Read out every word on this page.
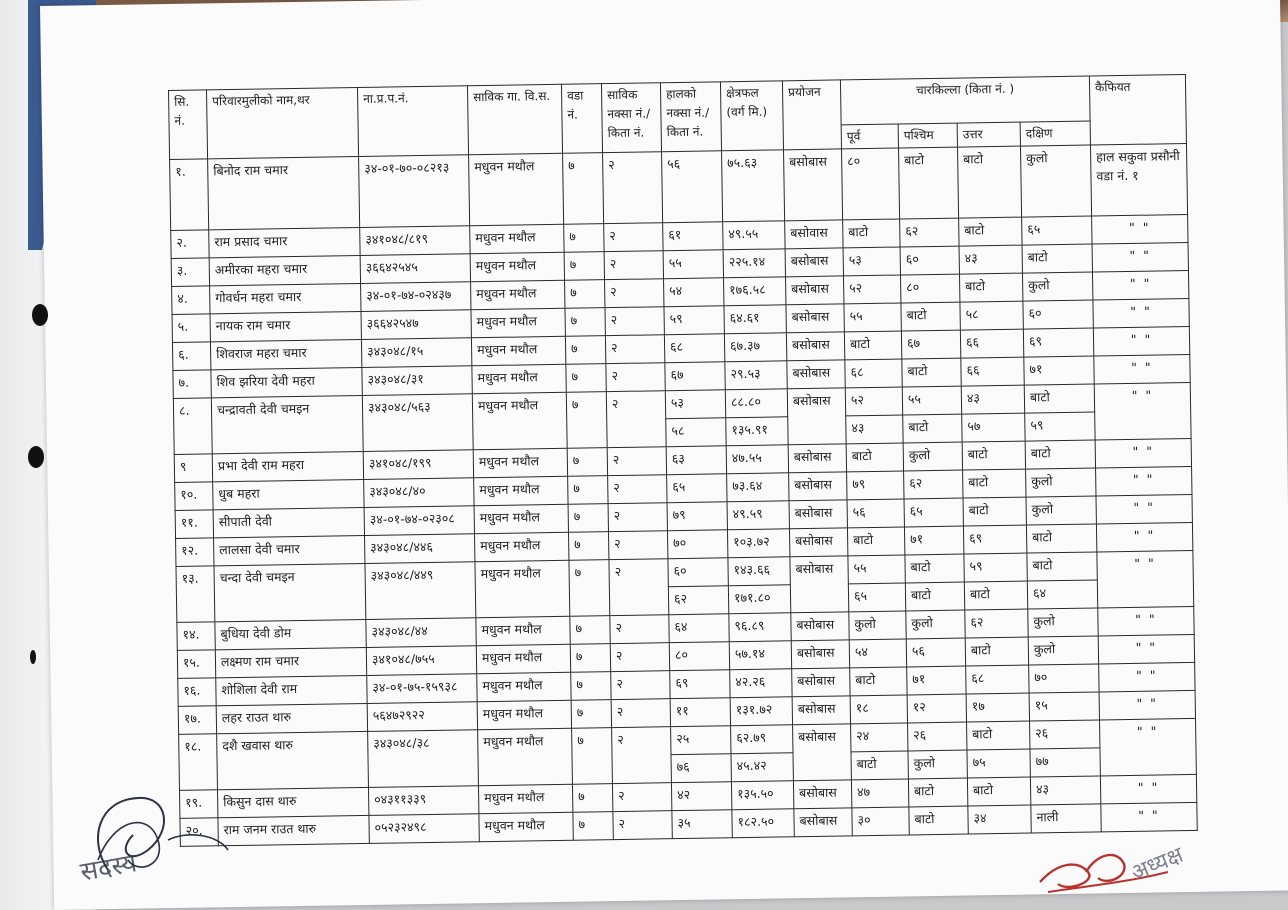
सि. नं.	परिवारमुलीको नाम,थर	ना.प्र.प.नं.	साविक गा. वि.स.	वडा नं.	साविक नक्सा नं./किता नं.	हालको नक्सा नं./किता नं.	क्षेत्रफल (वर्ग मि.)	प्रयोजन	चारकिल्ला (किता नं. )				कैफियत
									पूर्व	पश्चिम	उत्तर	दक्षिण	
१.	बिनोद राम चमार	३४-०१-७०-०८२१३	मधुवन मथौल	७	२	५६	७५.६३	बसोबास	८०	बाटो	बाटो	कुलो	हाल सकुवा प्रसौनी वडा नं. १
२.	राम प्रसाद चमार	३४१०४८/८१९	मधुवन मथौल	७	२	६१	४९.५५	बसोवास	बाटो	६२	बाटो	६५	" "
३.	अमीरका महरा चमार	३६६४२५४५	मधुवन मथौल	७	२	५५	२२५.१४	बसोबास	५३	६०	४३	बाटो	" "
४.	गोवर्धन महरा चमार	३४-०१-७४-०२४३७	मधुवन मथौल	७	२	५४	१७६.५८	बसोबास	५२	८०	बाटो	कुलो	" "
५.	नायक राम चमार	३६६४२५४७	मधुवन मथौल	७	२	५९	६४.६१	बसोबास	५५	बाटो	५८	६०	" "
६.	शिवराज महरा चमार	३४३०४८/१५	मधुवन मथौल	७	२	६८	६७.३७	बसोबास	बाटो	६७	६६	६९	" "
७.	शिव झरिया देवी महरा	३४३०४८/३१	मधुवन मथौल	७	२	६७	२९.५३	बसोबास	६८	बाटो	६६	७१	" "
८.	चन्द्रावती देवी चमइन	३४३०४८/५६३	मधुवन मथौल	७	२	५३	८८.८०	बसोबास	५२	५५	४३	बाटो	" "
						५८	१३५.९१		४३	बाटो	५७	५९	
९	प्रभा देवी राम महरा	३४१०४८/१९९	मधुवन मथौल	७	२	६३	४७.५५	बसोबास	बाटो	कुलो	बाटो	बाटो	" "
१०.	धुब महरा	३४३०४८/४०	मधुवन मथौल	७	२	६५	७३.६४	बसोबास	७९	६२	बाटो	कुलो	" "
११.	सीपाती देवी	३४-०१-७४-०२३०८	मधुवन मथौल	७	२	७९	४९.५९	बसोबास	५६	६५	बाटो	कुलो	" "
१२.	लालसा देवी चमार	३४३०४८/४४६	मधुवन मथौल	७	२	७०	१०३.७२	बसोबास	बाटो	७१	६९	बाटो	" "
१३.	चन्दा देवी चमइन	३४३०४८/४४९	मधुवन मथौल	७	२	६०	१४३.६६	बसोबास	५५	बाटो	५९	बाटो	" "
						६२	१७१.८०		६५	बाटो	बाटो	६४	
१४.	बुधिया देवी डोम	३४३०४८/४४	मधुवन मथौल	७	२	६४	९६.८९	बसोबास	कुलो	कुलो	६२	कुलो	" "
१५.	लक्ष्मण राम चमार	३४१०४८/७५५	मधुवन मथौल	७	२	८०	५७.१४	बसोबास	५४	५६	बाटो	कुलो	" "
१६.	शोशिला देवी राम	३४-०१-७५-१५९३८	मधुवन मथौल	७	२	६९	४२.२६	बसोबास	बाटो	७१	६८	७०	" "
१७.	लहर राउत थारु	५६४७२९२२	मधुवन मथौल	७	२	११	१३१.७२	बसोबास	१८	१२	१७	१५	" "
१८.	दशै खवास थारु	३४३०४८/३८	मधुवन मथौल	७	२	२५	६२.७९	बसोबास	२४	२६	बाटो	२६	" "
						७६	४५.४२		बाटो	कुलो	७५	७७	
१९.	किसुन दास थारु	०४३११३३९	मधुवन मथौल	७	२	४२	१३५.५०	बसोबास	४७	बाटो	बाटो	४३	" "
२०.	राम जनम राउत थारु	०५२३२४९८	मधुवन मथौल	७	२	३५	१८२.५०	बसोबास	३०	बाटो	३४	नाली	" "
सदस्य	अध्यक्ष
